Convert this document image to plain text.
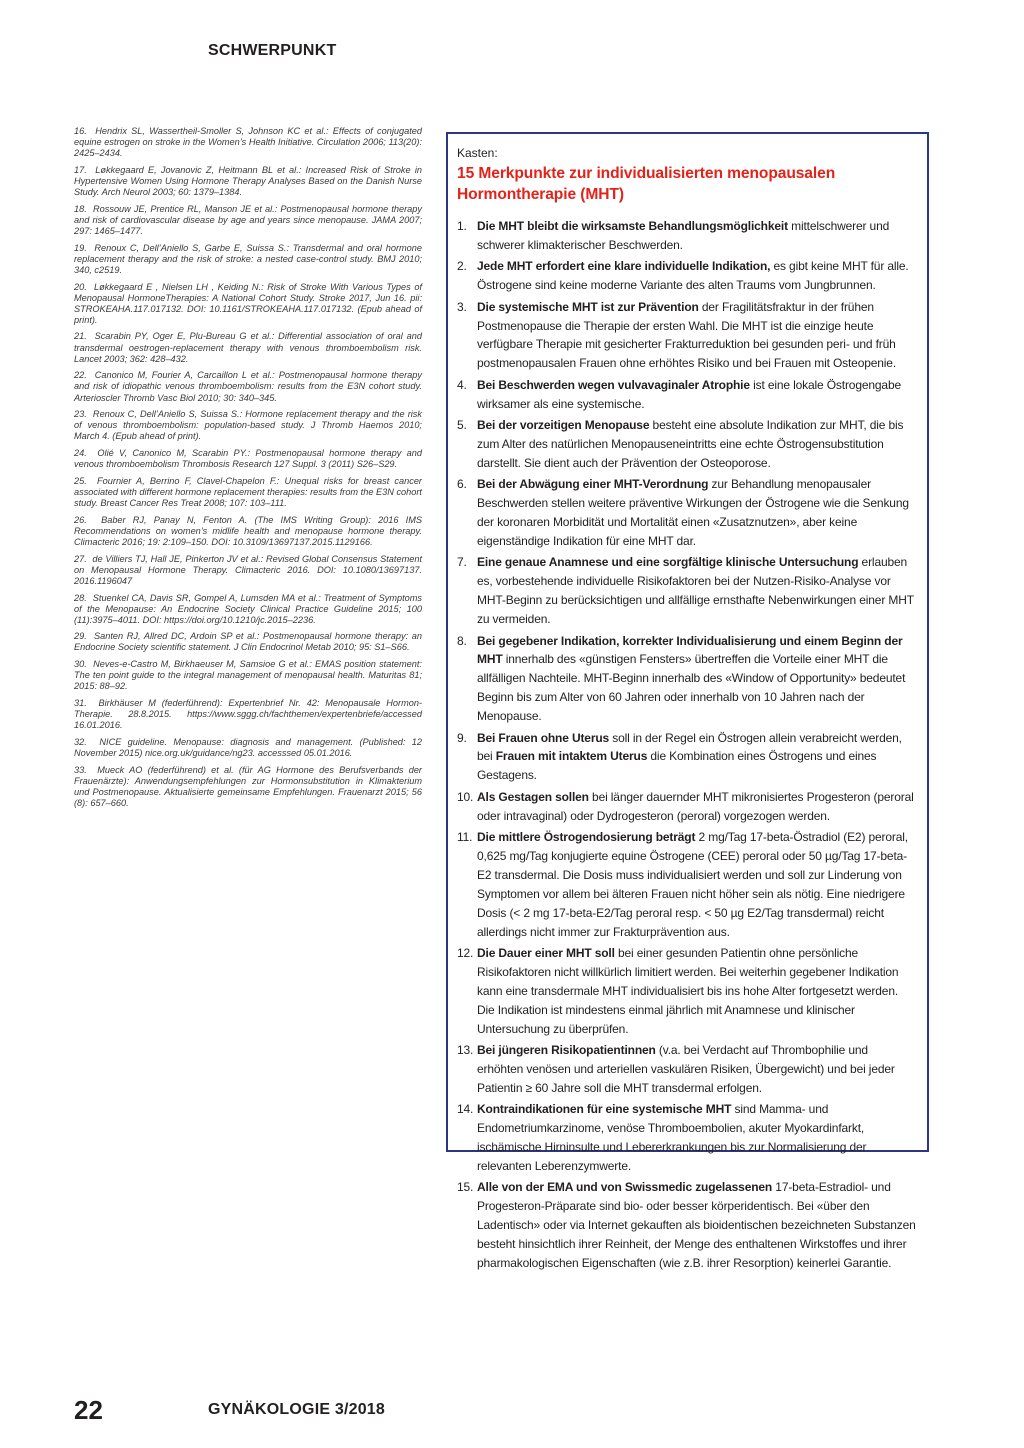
SCHWERPUNKT

16.  Hendrix SL, Wassertheil-Smoller S, Johnson KC et al.: Effects of conjugated equine estrogen on stroke in the Women’s Health Initiative. Circulation 2006; 113(20): 2425–2434.

17.  Løkkegaard E, Jovanovic Z, Heitmann BL et al.: Increased Risk of Stroke in Hypertensive Women Using Hormone Therapy Analyses Based on the Danish Nurse Study. Arch Neurol 2003; 60: 1379–1384.

18.  Rossouw JE, Prentice RL, Manson JE et al.: Postmenopausal hormone therapy and risk of cardiovascular disease by age and years since menopause. JAMA 2007; 297: 1465–1477.

19.  Renoux C, Dell’Aniello S, Garbe E, Suissa S.: Transdermal and oral hormone replacement therapy and the risk of stroke: a nested case-control study. BMJ 2010; 340, c2519.

20.  Løkkegaard E , Nielsen LH , Keiding N.: Risk of Stroke With Various Types of Menopausal HormoneTherapies: A National Cohort Study. Stroke 2017, Jun 16. pii: STROKEAHA.117.017132. DOI: 10.1161/STROKEAHA.117.017132. (Epub ahead of print).

21.  Scarabin PY, Oger E, Plu-Bureau G et al.: Differential association of oral and transdermal oestrogen-replacement therapy with venous thromboembolism risk. Lancet 2003; 362: 428–432.

22.  Canonico M, Fourier A, Carcaillon L et al.: Postmenopausal hormone therapy and risk of idiopathic venous thromboembolism: results from the E3N cohort study. Arterioscler Thromb Vasc Biol 2010; 30: 340–345.

23.  Renoux C, Dell’Aniello S, Suissa S.: Hormone replacement therapy and the risk of venous thromboembolism: population-based study. J Thromb Haemos 2010; March 4. (Epub ahead of print).

24.  Olié V, Canonico M, Scarabin PY.: Postmenopausal hormone therapy and venous thromboembolism Thrombosis Research 127 Suppl. 3 (2011) S26–S29.

25.  Fournier A, Berrino F, Clavel-Chapelon F.: Unequal risks for breast cancer associated with different hormone replacement therapies: results from the E3N cohort study. Breast Cancer Res Treat 2008; 107: 103–111.

26.  Baber RJ, Panay N, Fenton A. (The IMS Writing Group): 2016 IMS Recommendations on women’s midlife health and menopause hormone therapy. Climacteric 2016; 19: 2:109–150. DOI: 10.3109/13697137.2015.1129166.

27.  de Villiers TJ, Hall JE, Pinkerton JV et al.: Revised Global Consensus Statement on Menopausal Hormone Therapy. Climacteric 2016. DOI: 10.1080/13697137. 2016.1196047

28.  Stuenkel CA, Davis SR, Gompel A, Lumsden MA et al.: Treatment of Symptoms of the Menopause: An Endocrine Society Clinical Practice Guideline 2015; 100 (11):3975–4011. DOI: https://doi.org/10.1210/jc.2015–2236.

29.  Santen RJ, Allred DC, Ardoin SP et al.: Postmenopausal hormone therapy: an Endocrine Society scientific statement. J Clin Endocrinol Metab 2010; 95: S1–S66.

30.  Neves-e-Castro M, Birkhaeuser M, Samsioe G et al.: EMAS position statement: The ten point guide to the integral management of menopausal health. Maturitas 81; 2015: 88–92.

31.  Birkhäuser M (federführend): Expertenbrief Nr. 42: Menopausale Hormon-Therapie. 28.8.2015. https://www.sggg.ch/fachthemen/expertenbriefe/accessed 16.01.2016.

32.  NICE guideline. Menopause: diagnosis and management. (Published: 12 November 2015) nice.org.uk/guidance/ng23. accesssed 05.01.2016.

33.  Mueck AO (federführend) et al. (für AG Hormone des Berufsverbands der Frauenärzte): Anwendungsempfehlungen zur Hormonsubstitution in Klimakterium und Postmenopause. Aktualisierte gemeinsame Empfehlungen. Frauenarzt 2015; 56 (8): 657–660.

Kasten:
15 Merkpunkte zur individualisierten menopausalen Hormontherapie (MHT)
1. Die MHT bleibt die wirksamste Behandlungsmöglichkeit mittelschwerer und schwerer klimakterischer Beschwerden.
2. Jede MHT erfordert eine klare individuelle Indikation, es gibt keine MHT für alle. Östrogene sind keine moderne Variante des alten Traums vom Jungbrunnen.
3. Die systemische MHT ist zur Prävention der Fragilitätsfraktur in der frühen Postmenopause die Therapie der ersten Wahl. Die MHT ist die einzige heute verfügbare Therapie mit gesicherter Frakturreduktion bei gesunden peri- und früh postmenopausalen Frauen ohne erhöhtes Risiko und bei Frauen mit Osteopenie.
4. Bei Beschwerden wegen vulvavaginaler Atrophie ist eine lokale Östrogengabe wirksamer als eine systemische.
5. Bei der vorzeitigen Menopause besteht eine absolute Indikation zur MHT, die bis zum Alter des natürlichen Menopauseneintritts eine echte Östrogensubstitution darstellt. Sie dient auch der Prävention der Osteoporose.
6. Bei der Abwägung einer MHT-Verordnung zur Behandlung menopausaler Beschwerden stellen weitere präventive Wirkungen der Östrogene wie die Senkung der koronaren Morbidität und Mortalität einen «Zusatznutzen», aber keine eigenständige Indikation für eine MHT dar.
7. Eine genaue Anamnese und eine sorgfältige klinische Untersuchung erlauben es, vorbestehende individuelle Risikofaktoren bei der Nutzen-Risiko-Analyse vor MHT-Beginn zu berücksichtigen und allfällige ernsthafte Nebenwirkungen einer MHT zu vermeiden.
8. Bei gegebener Indikation, korrekter Individualisierung und einem Beginn der MHT innerhalb des «günstigen Fensters» übertreffen die Vorteile einer MHT die allfälligen Nachteile. MHT-Beginn innerhalb des «Window of Opportunity» bedeutet Beginn bis zum Alter von 60 Jahren oder innerhalb von 10 Jahren nach der Menopause.
9. Bei Frauen ohne Uterus soll in der Regel ein Östrogen allein verabreicht werden, bei Frauen mit intaktem Uterus die Kombination eines Östrogens und eines Gestagens.
10. Als Gestagen sollen bei länger dauernder MHT mikronisiertes Progesteron (peroral oder intravaginal) oder Dydrogesteron (peroral) vorgezogen werden.
11. Die mittlere Östrogendosierung beträgt 2 mg/Tag 17-beta-Östradiol (E2) peroral, 0,625 mg/Tag konjugierte equine Östrogene (CEE) peroral oder 50 µg/Tag 17-beta-E2 transdermal. Die Dosis muss individualisiert werden und soll zur Linderung von Symptomen vor allem bei älteren Frauen nicht höher sein als nötig. Eine niedrigere Dosis (< 2 mg 17-beta-E2/Tag peroral resp. < 50 µg E2/Tag transdermal) reicht allerdings nicht immer zur Frakturprävention aus.
12. Die Dauer einer MHT soll bei einer gesunden Patientin ohne persönliche Risikofaktoren nicht willkürlich limitiert werden. Bei weiterhin gegebener Indikation kann eine transdermale MHT individualisiert bis ins hohe Alter fortgesetzt werden. Die Indikation ist mindestens einmal jährlich mit Anamnese und klinischer Untersuchung zu überprüfen.
13. Bei jüngeren Risikopatientinnen (v.a. bei Verdacht auf Thrombophilie und erhöhten venösen und arteriellen vaskulären Risiken, Übergewicht) und bei jeder Patientin ≥ 60 Jahre soll die MHT transdermal erfolgen.
14. Kontraindikationen für eine systemische MHT sind Mamma- und Endometriumkarzinome, venöse Thromboembolien, akuter Myokardinfarkt, ischämische Hirninsulte und Lebererkrankungen bis zur Normalisierung der relevanten Leberenzymwerte.
15. Alle von der EMA und von Swissmedic zugelassenen 17-beta-Estradiol- und Progesteron-Präparate sind bio- oder besser körperidentisch. Bei «über den Ladentisch» oder via Internet gekauften als bioidentischen bezeichneten Substanzen besteht hinsichtlich ihrer Reinheit, der Menge des enthaltenen Wirkstoffes und ihrer pharmakologischen Eigenschaften (wie z.B. ihrer Resorption) keinerlei Garantie.
22	GYNÄKOLOGIE 3/2018
